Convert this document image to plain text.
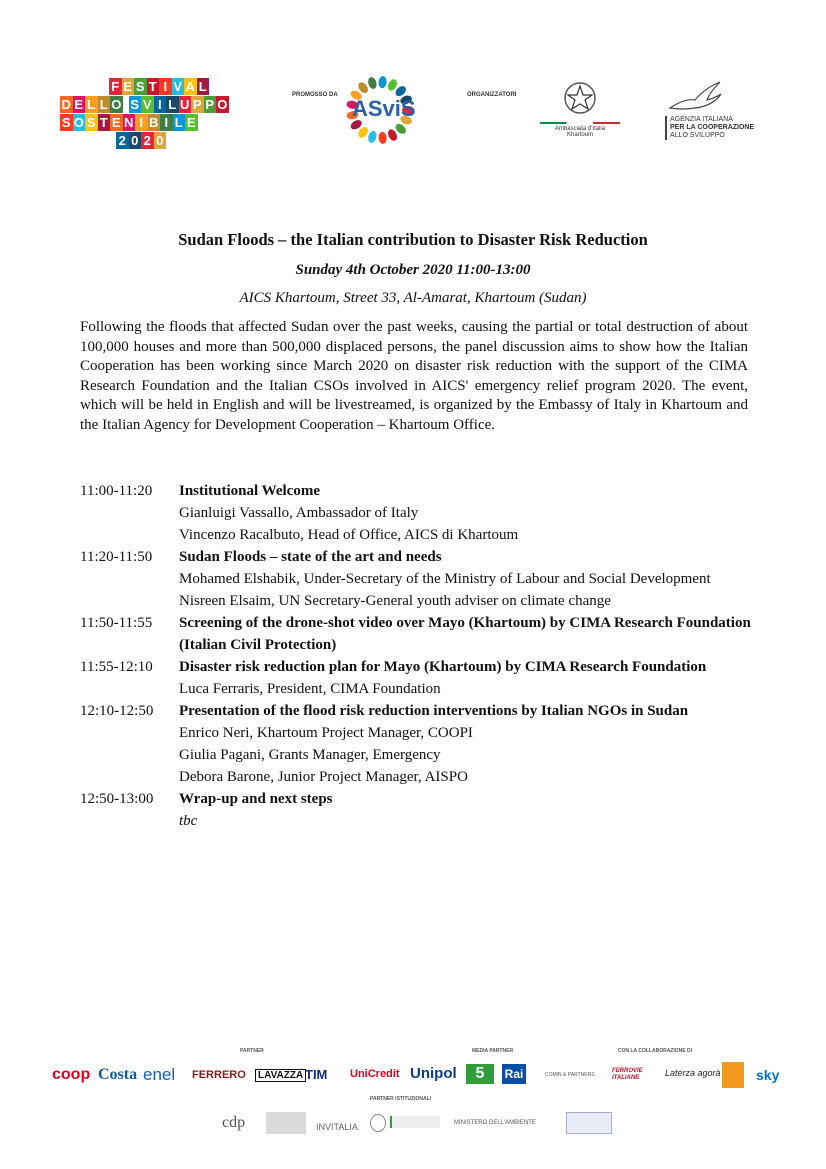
F E S T I V A L
D E L L O S V I L U P P O
S O S T E N I B I L E
2 0 2 0
PROMOSSO DA
ASviS
ORGANIZZATORI
Ambasciata d'Italia
Khartoum
AGENZIA ITALIANA
PER LA COOPERAZIONE
ALLO SVILUPPO
Sudan Floods – the Italian contribution to Disaster Risk Reduction
Sunday 4th October 2020 11:00-13:00
AICS Khartoum, Street 33, Al-Amarat, Khartoum (Sudan)

Following the floods that affected Sudan over the past weeks, causing the partial or total destruction of about 100,000 houses and more than 500,000 displaced persons, the panel discussion aims to show how the Italian Cooperation has been working since March 2020 on disaster risk reduction with the support of the CIMA Research Foundation and the Italian CSOs involved in AICS' emergency relief program 2020. The event, which will be held in English and will be livestreamed, is organized by the Embassy of Italy in Khartoum and the Italian Agency for Development Cooperation – Khartoum Office.

11:00-11:20	Institutional Welcome
Gianluigi Vassallo, Ambassador of Italy
Vincenzo Racalbuto, Head of Office, AICS di Khartoum
11:20-11:50	Sudan Floods – state of the art and needs
Mohamed Elshabik, Under-Secretary of the Ministry of Labour and Social Development
Nisreen Elsaim, UN Secretary-General youth adviser on climate change
11:50-11:55	Screening of the drone-shot video over Mayo (Khartoum) by CIMA Research Foundation (Italian Civil Protection)
11:55-12:10	Disaster risk reduction plan for Mayo (Khartoum) by CIMA Research Foundation
Luca Ferraris, President, CIMA Foundation
12:10-12:50	Presentation of the flood risk reduction interventions by Italian NGOs in Sudan
Enrico Neri, Khartoum Project Manager, COOPI
Giulia Pagani, Grants Manager, Emergency
Debora Barone, Junior Project Manager, AISPO
12:50-13:00	Wrap-up and next steps
tbc
PARTNER	MEDIA PARTNER	CON LA COLLABORAZIONE DI
coop Costa enel FERRERO	LAVAZZA TIM UniCredit Unipol	5	Rai	COMIN & PARTNERS
FERROVIE ITALIANE	Laterza agorà	sky
PARTNER ISTITUZIONALI
cdp	INVITALIA	MINISTERO DELL'AMBIENTE
